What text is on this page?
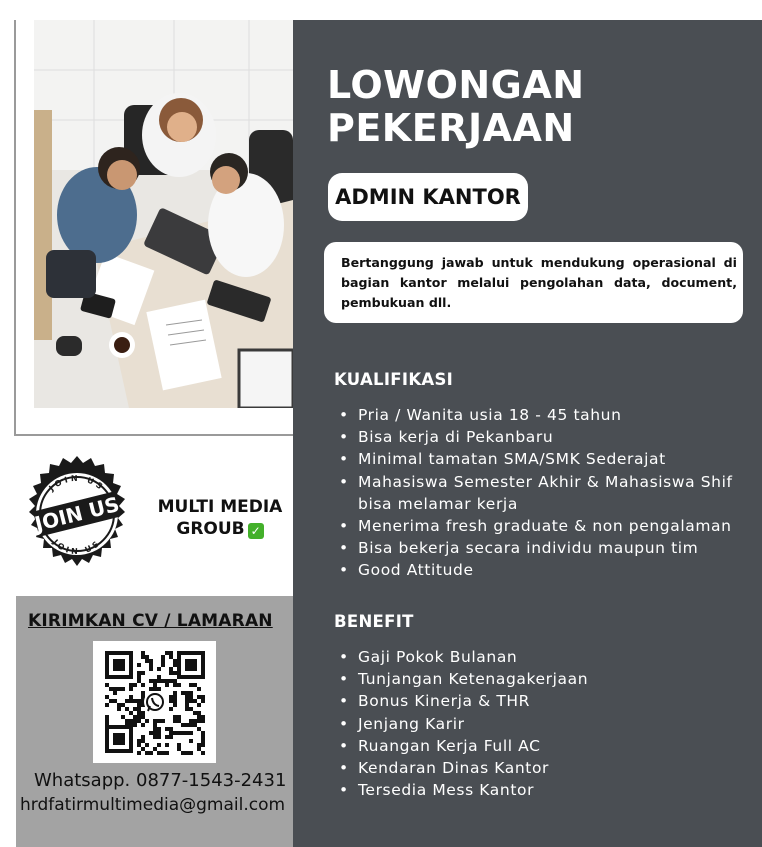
LOWONGAN
PEKERJAAN
ADMIN KANTOR
Bertanggung jawab untuk mendukung operasional di bagian kantor melalui pengolahan data, document, pembukuan dll.
KUALIFIKASI
• Pria / Wanita usia 18 - 45 tahun
• Bisa kerja di Pekanbaru
• Minimal tamatan SMA/SMK Sederajat
• Mahasiswa Semester Akhir & Mahasiswa Shif bisa melamar kerja
• Menerima fresh graduate & non pengalaman
• Bisa bekerja secara individu maupun tim
• Good Attitude
BENEFIT
• Gaji Pokok Bulanan
• Tunjangan Ketenagakerjaan
• Bonus Kinerja & THR
• Jenjang Karir
• Ruangan Kerja Full AC
• Kendaran Dinas Kantor
• Tersedia Mess Kantor
JOIN US
JOIN US
JOIN US	MULTI MEDIA
GROUB ✓
KIRIMKAN CV / LAMARAN
Whatsapp. 0877-1543-2431
hrdfatirmultimedia@gmail.com
